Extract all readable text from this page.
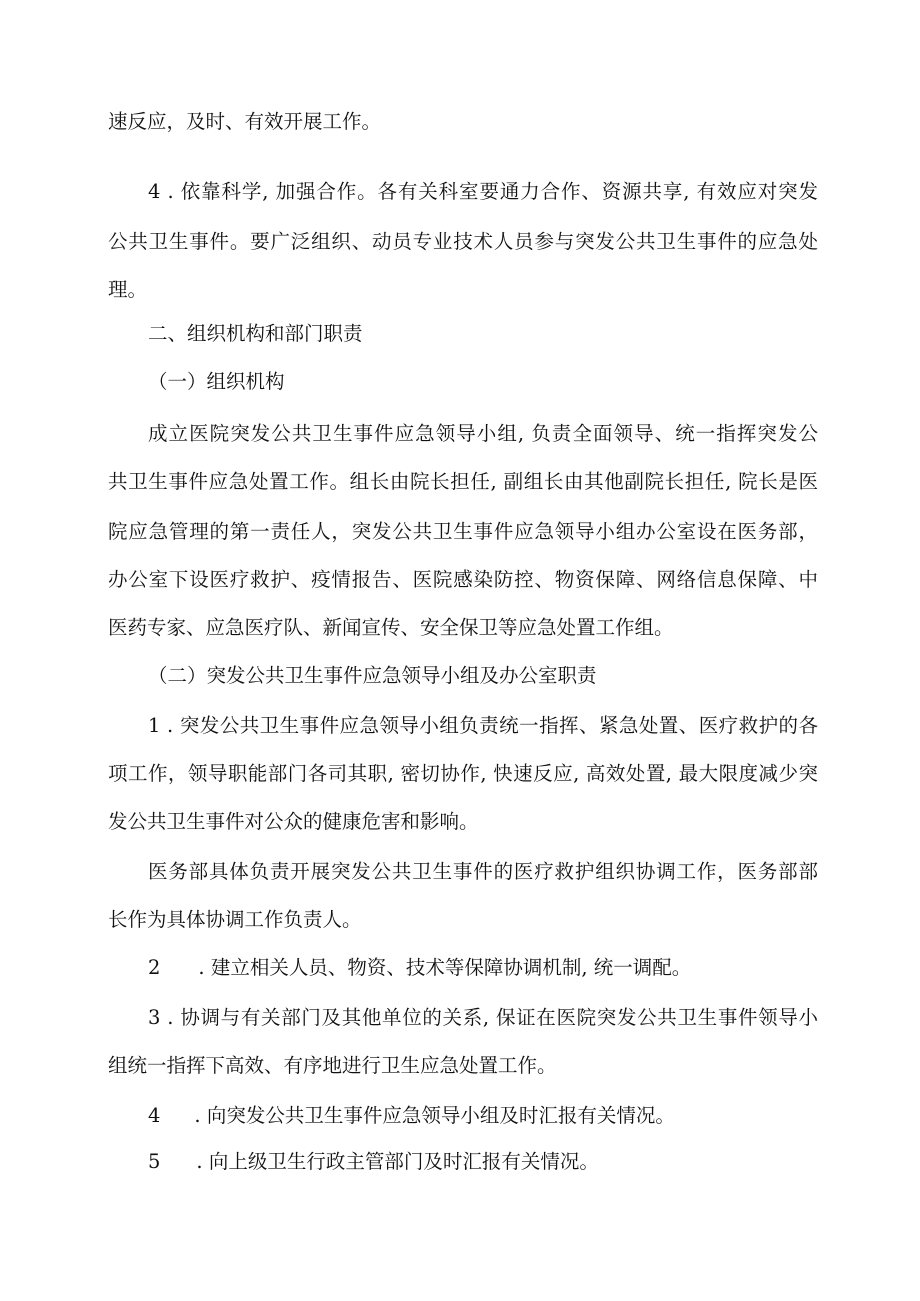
速反应，及时、有效开展工作。
4 . 依靠科学, 加强合作。各有关科室要通力合作、资源共享, 有效应对突发
公共卫生事件。要广泛组织、动员专业技术人员参与突发公共卫生事件的应急处
理。
二、组织机构和部门职责
（一）组织机构
成立医院突发公共卫生事件应急领导小组, 负责全面领导、统一指挥突发公
共卫生事件应急处置工作。组长由院长担任, 副组长由其他副院长担任, 院长是医
院应急管理的第一责任人，突发公共卫生事件应急领导小组办公室设在医务部，
办公室下设医疗救护、疫情报告、医院感染防控、物资保障、网络信息保障、中
医药专家、应急医疗队、新闻宣传、安全保卫等应急处置工作组。
（二）突发公共卫生事件应急领导小组及办公室职责
1 . 突发公共卫生事件应急领导小组负责统一指挥、紧急处置、医疗救护的各
项工作，领导职能部门各司其职, 密切协作, 快速反应, 高效处置, 最大限度减少突
发公共卫生事件对公众的健康危害和影响。
医务部具体负责开展突发公共卫生事件的医疗救护组织协调工作，医务部部
长作为具体协调工作负责人。
2 . 建立相关人员、物资、技术等保障协调机制, 统一调配。
3 . 协调与有关部门及其他单位的关系, 保证在医院突发公共卫生事件领导小
组统一指挥下高效、有序地进行卫生应急处置工作。
4 . 向突发公共卫生事件应急领导小组及时汇报有关情况。
5 . 向上级卫生行政主管部门及时汇报有关情况。
